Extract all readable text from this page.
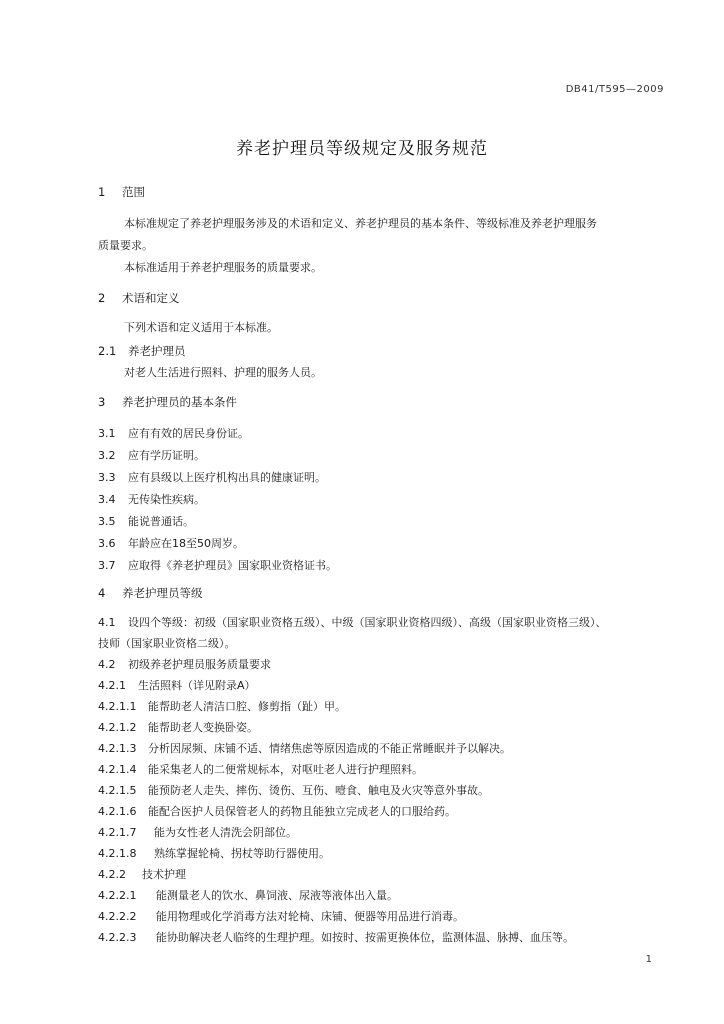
DB41/T595—2009
养老护理员等级规定及服务规范
1 范围
本标准规定了养老护理服务涉及的术语和定义、养老护理员的基本条件、等级标准及养老护理服务
质量要求。
本标准适用于养老护理服务的质量要求。
2 术语和定义
下列术语和定义适用于本标准。
2.1 养老护理员
对老人生活进行照料、护理的服务人员。
3 养老护理员的基本条件
3.1 应有有效的居民身份证。
3.2 应有学历证明。
3.3 应有县级以上医疗机构出具的健康证明。
3.4 无传染性疾病。
3.5 能说普通话。
3.6 年龄应在18至50周岁。
3.7 应取得《养老护理员》国家职业资格证书。
4 养老护理员等级
4.1 设四个等级：初级（国家职业资格五级）、中级（国家职业资格四级）、高级（国家职业资格三级）、
技师（国家职业资格二级）。
4.2 初级养老护理员服务质量要求
4.2.1 生活照料（详见附录A）
4.2.1.1 能帮助老人清洁口腔、修剪指（趾）甲。
4.2.1.2 能帮助老人变换卧姿。
4.2.1.3 分析因尿频、床铺不适、情绪焦虑等原因造成的不能正常睡眠并予以解决。
4.2.1.4 能采集老人的二便常规标本，对呕吐老人进行护理照料。
4.2.1.5 能预防老人走失、摔伤、烫伤、互伤、噎食、触电及火灾等意外事故。
4.2.1.6 能配合医护人员保管老人的药物且能独立完成老人的口服给药。
4.2.1.7 能为女性老人清洗会阴部位。
4.2.1.8 熟练掌握轮椅、拐杖等助行器使用。
4.2.2 技术护理
4.2.2.1 能测量老人的饮水、鼻饲液、尿液等液体出入量。
4.2.2.2 能用物理或化学消毒方法对轮椅、床铺、便器等用品进行消毒。
4.2.2.3 能协助解决老人临终的生理护理。如按时、按需更换体位，监测体温、脉搏、血压等。
1
